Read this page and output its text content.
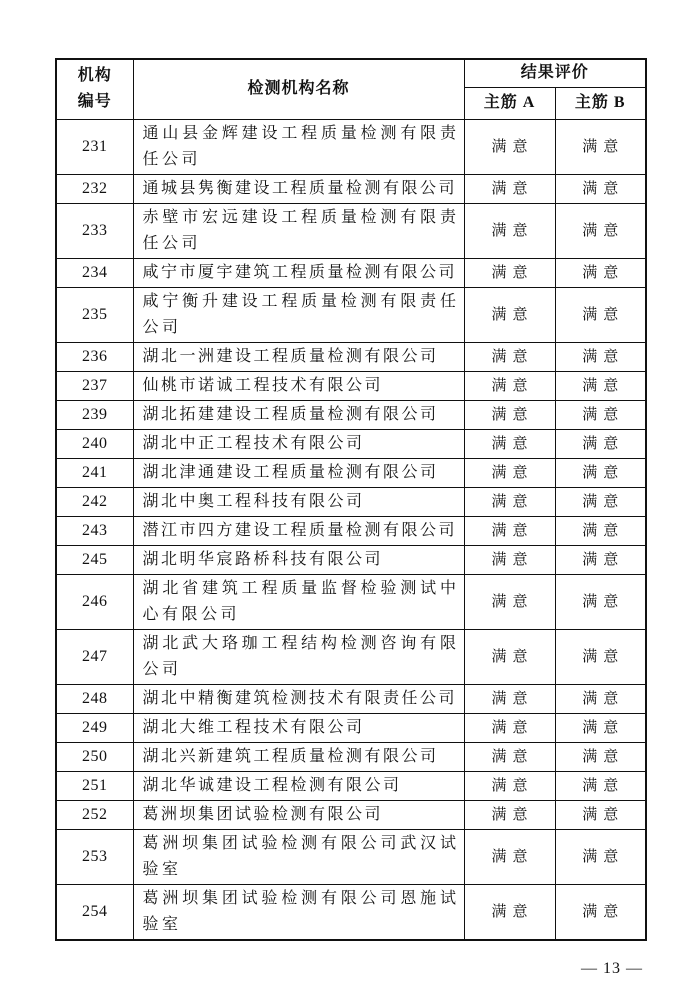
机构
编号	检测机构名称	结果评价	
		主筋 A	主筋 B
231	通山县金辉建设工程质量检测有限责任公司	满意	满意
232	通城县隽衡建设工程质量检测有限公司	满意	满意
233	赤壁市宏远建设工程质量检测有限责任公司	满意	满意
234	咸宁市厦宇建筑工程质量检测有限公司	满意	满意
235	咸宁衡升建设工程质量检测有限责任公司	满意	满意
236	湖北一洲建设工程质量检测有限公司	满意	满意
237	仙桃市诺诚工程技术有限公司	满意	满意
239	湖北拓建建设工程质量检测有限公司	满意	满意
240	湖北中正工程技术有限公司	满意	满意
241	湖北津通建设工程质量检测有限公司	满意	满意
242	湖北中奥工程科技有限公司	满意	满意
243	潜江市四方建设工程质量检测有限公司	满意	满意
245	湖北明华宸路桥科技有限公司	满意	满意
246	湖北省建筑工程质量监督检验测试中心有限公司	满意	满意
247	湖北武大珞珈工程结构检测咨询有限公司	满意	满意
248	湖北中精衡建筑检测技术有限责任公司	满意	满意
249	湖北大维工程技术有限公司	满意	满意
250	湖北兴新建筑工程质量检测有限公司	满意	满意
251	湖北华诚建设工程检测有限公司	满意	满意
252	葛洲坝集团试验检测有限公司	满意	满意
253	葛洲坝集团试验检测有限公司武汉试验室	满意	满意
254	葛洲坝集团试验检测有限公司恩施试验室	满意	满意
— 13 —
